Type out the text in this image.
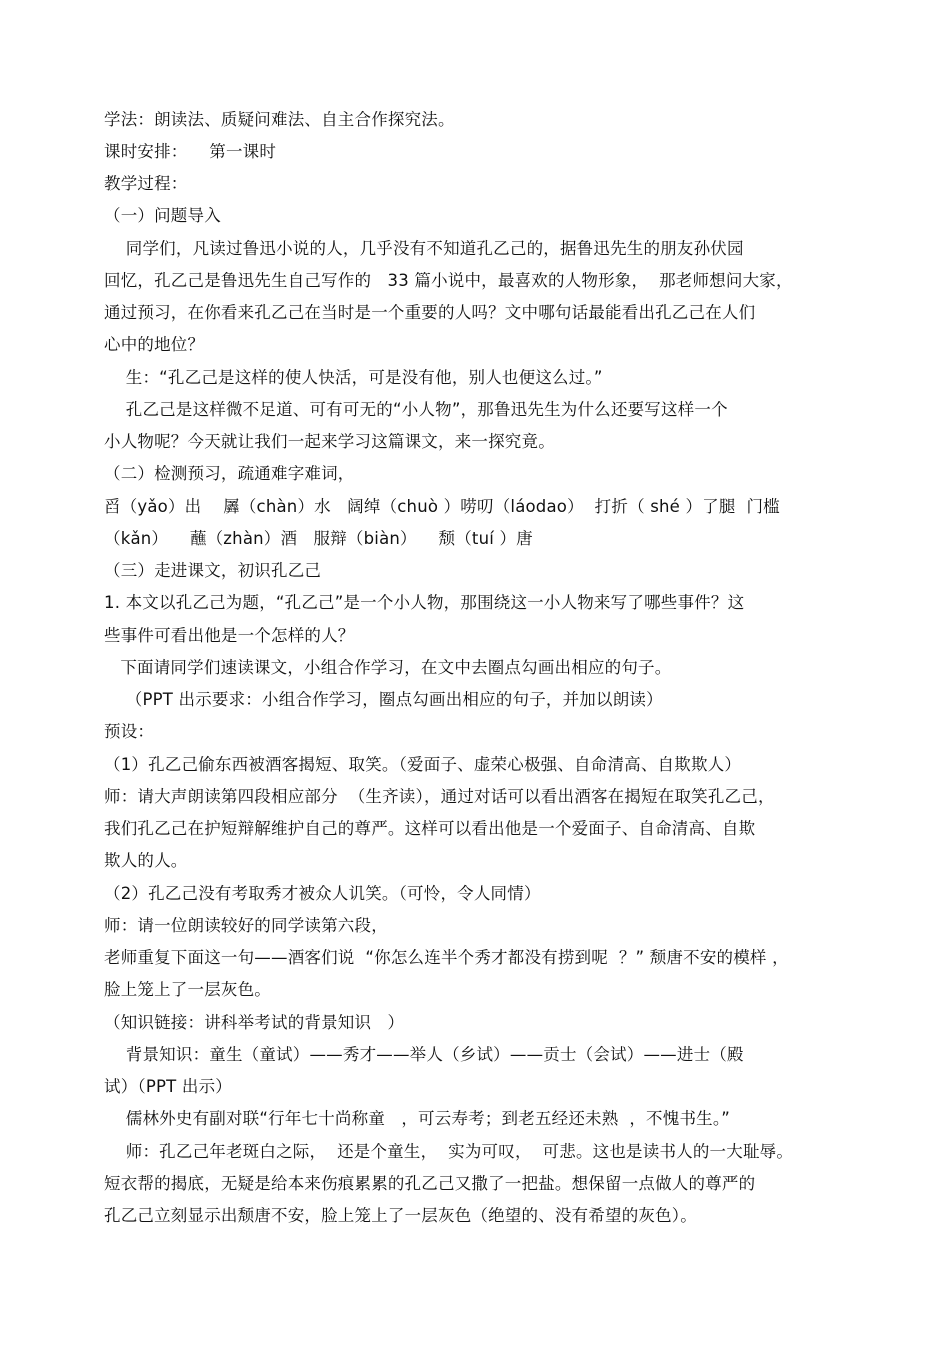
学法：朗读法、质疑问难法、自主合作探究法。
课时安排：    第一课时
教学过程：
（一）问题导入
同学们，凡读过鲁迅小说的人，几乎没有不知道孔乙己的，据鲁迅先生的朋友孙伏园
回忆，孔乙己是鲁迅先生自己写作的   33 篇小说中，最喜欢的人物形象，  那老师想问大家，
通过预习，在你看来孔乙己在当时是一个重要的人吗？文中哪句话最能看出孔乙己在人们
心中的地位？
生：“孔乙己是这样的使人快活，可是没有他，别人也便这么过。”
孔乙己是这样微不足道、可有可无的“小人物”，那鲁迅先生为什么还要写这样一个
小人物呢？今天就让我们一起来学习这篇课文，来一探究竟。
（二）检测预习，疏通难字难词，
舀（yǎo）出    羼（chàn）水   阔绰（chuò ）唠叨（láodao）  打折（ shé ）了腿  门槛
（kǎn）    蘸（zhàn）酒   服辩（biàn）    颓（tuí ）唐
（三）走进课文，初识孔乙己
1. 本文以孔乙己为题，“孔乙己”是一个小人物，那围绕这一小人物来写了哪些事件？这
些事件可看出他是一个怎样的人？
下面请同学们速读课文，小组合作学习，在文中去圈点勾画出相应的句子。
（PPT 出示要求：小组合作学习，圈点勾画出相应的句子，并加以朗读）
预设：
（1）孔乙己偷东西被酒客揭短、取笑。（爱面子、虚荣心极强、自命清高、自欺欺人）
师：请大声朗读第四段相应部分  （生齐读），通过对话可以看出酒客在揭短在取笑孔乙己，
我们孔乙己在护短辩解维护自己的尊严。这样可以看出他是一个爱面子、自命清高、自欺
欺人的人。
（2）孔乙己没有考取秀才被众人讥笑。（可怜，令人同情）
师：请一位朗读较好的同学读第六段，
老师重复下面这一句——酒客们说  “你怎么连半个秀才都没有捞到呢  ？” 颓唐不安的模样 ，
脸上笼上了一层灰色。
（知识链接：讲科举考试的背景知识   ）
背景知识：童生（童试）——秀才——举人（乡试）——贡士（会试）——进士（殿
试）（PPT 出示）
儒林外史有副对联“行年七十尚称童   ，可云寿考；到老五经还未熟  ，不愧书生。”
师：孔乙己年老斑白之际，  还是个童生，  实为可叹，  可悲。这也是读书人的一大耻辱。
短衣帮的揭底，无疑是给本来伤痕累累的孔乙己又撒了一把盐。想保留一点做人的尊严的
孔乙己立刻显示出颓唐不安，脸上笼上了一层灰色（绝望的、没有希望的灰色）。
